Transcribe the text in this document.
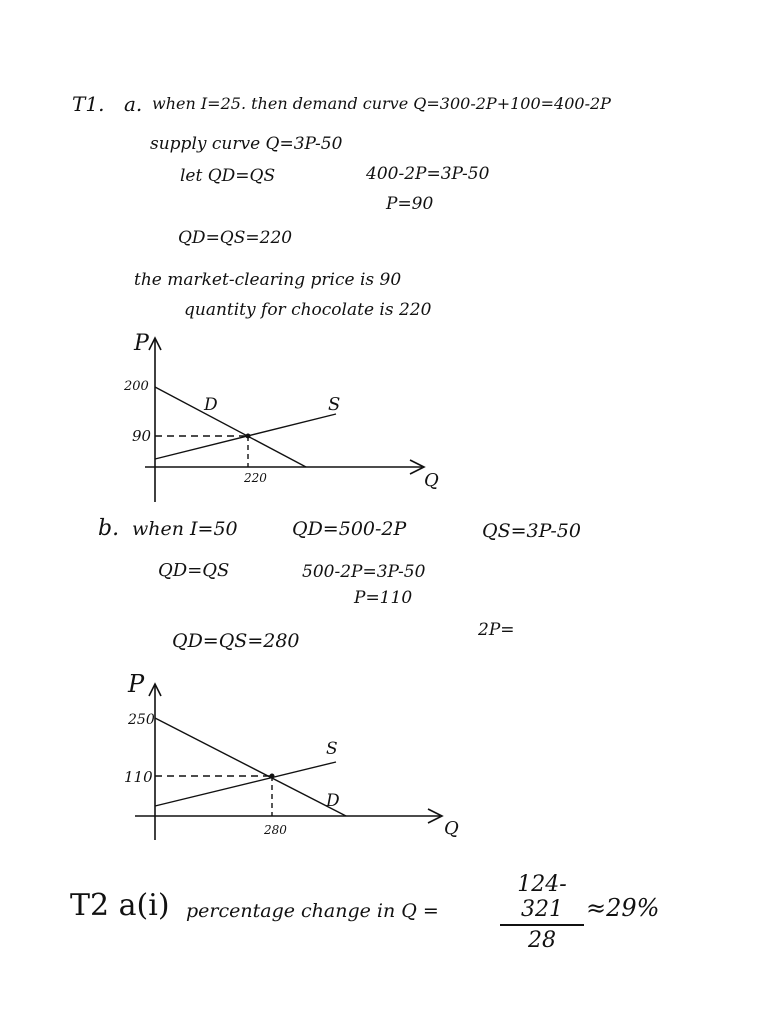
T1. a. when I=25. then demand curve Q=300-2P+100=400-2P
supply curve Q=3P-50
let QD=QS	400-2P=3P-50
P=90
QD=QS=220
the market-clearing price is 90
quantity for chocolate is 220
P
Q
200
90
220
D	S
b. when I=50	QD=500-2P	QS=3P-50
QD=QS	500-2P=3P-50
P=110
2P=
QD=QS=280
P
Q
250
110
280
D
S
T2 a(i) percentage change in Q =
124-321
28
≈29%
